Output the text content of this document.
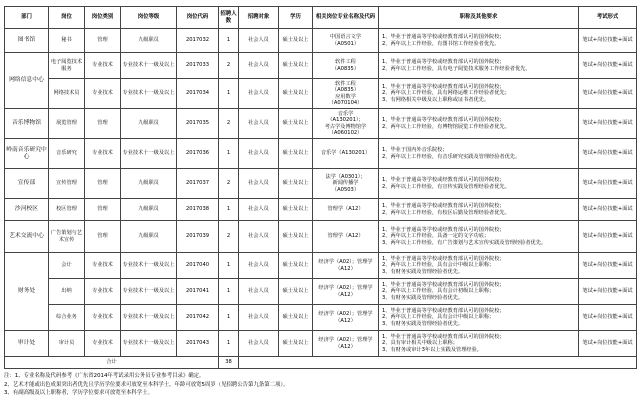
部门	岗位	岗位类别	岗位等级	岗位代码	招聘人数	招聘对象	学历	相关岗位专业名称及代码	职称及其他要求	考试形式
图书馆	秘书	管理	九级职员	2017032	1	社会人员	硕士及以上	中国语言文学
（A0501）	1、毕业于普通高等学校或经教育部认可的国外院校；
2、两年以上工作经验，有图书馆工作经验者优先。	笔试+岗位技能+面试
网络信息中心	电子阅览技术服务	专业技术	专业技术十一级及以上	2017033	2	社会人员	硕士及以上	软件工程
（A0835）	1、毕业于普通高等学校或经教育部认可的国外院校；
2、两年以上工作经验，具有电子阅览技术服务工作经验者优先。	笔试+岗位技能+面试
	网络技术员	专业技术	专业技术十一级及以上	2017034	1	社会人员	硕士及以上	软件工程
（A0835）
应用数学
（A070104）	1、毕业于普通高等学校或经教育部认可的国外院校；
2、两年以上工作经验，具有网络运维工作经验者优先；
3、有网络相关中级及以上职称或证书者优先。	笔试+岗位技能+面试
音乐博物馆	展览管理	管理	九级职员	2017035	2	社会人员	硕士及以上	音乐学
（A130201）；
考古学及博物馆学
（A060102）	1、毕业于普通高等学校或经教育部认可的国外院校；
2、两年以上工作经验，有博物馆展览工作经验者优先。	笔试+岗位技能+面试
岭南音乐研究中心	音乐研究	专业技术	专业技术十一级及以上	2017036	1	社会人员	硕士及以上	音乐学（A130201）	1、毕业于国内外音乐院校；
2、两年以上工作经验，有音乐研究实践及管理经验者优先。	笔试+岗位技能+面试
宣传部	宣传管理	管理	九级职员	2017037	2	社会人员	硕士及以上	法学（A0301）；
新闻传播学
（A0503）	1、毕业于普通高等学校或经教育部认可的国外院校；
2、两年以上工作经验，有宣传实践及管理经验者优先。	笔试+岗位技能+面试
沙河校区	校区管理	管理	九级职员	2017038	1	社会人员	硕士及以上	管理学（A12）	1、毕业于普通高等学校或经教育部认可的国外院校；
2、两年以上工作经验，有校区后勤及管理经验者优先。	笔试+岗位技能+面试
艺术交流中心	广告策划与艺术宣传	管理	九级职员	2017039	2	社会人员	硕士及以上	管理学（A12）	1、毕业于普通高等学校或经教育部认可的国外院校；
2、两年以上工作经验，具备一定的文字功底；
3、两年以上工作经验，有广告策划与艺术宣传实践及管理经验者优先。	笔试+岗位技能+面试
财务处	会计	专业技术	专业技术十一级及以上	2017040	1	社会人员	硕士及以上	经济学（A02）；管理学
（A12）	1、毕业于普通高等学校或经教育部认可的国外院校；
2、两年以上工作经验，具有会计中级以上职称；
3、有财务实践及管理经验者优先。	笔试+岗位技能+面试
	出纳	专业技术	专业技术十一级及以上	2017041	1	社会人员	硕士及以上	经济学（A02）；管理学
（A12）	1、毕业于普通高等学校或经教育部认可的国外院校；
2、两年以上工作经验，具有会计初级以上职称；
3、有财务实践及管理经验者优先。	笔试+岗位技能+面试
	综合业务	专业技术	专业技术十一级及以上	2017042	1	社会人员	硕士及以上	经济学（A02）；管理学
（A12）	1、毕业于普通高等学校或经教育部认可的国外院校；
2、两年以上工作经验，具有会计中级以上职称；
3、有财务实践及管理经验者优先。	笔试+岗位技能+面试
审计处	审计员	专业技术	专业技术十一级及以上	2017043	1	社会人员	硕士及以上	经济学（A02）；管理学
（A12）	1、毕业于普通高等学校或经教育部认可的国外院校；
2、具有审计相关中级以上职称；
3、有财务或审计3年以上实践及管理经验。	笔试+岗位技能+面试
合计					38					
注：1、专业名称及代码参考《广东省2014年考试录用公务员专业参考目录》确定。
2、艺术才能或出色成果突出者优先且学历学位要求可放宽至本科学士，年龄可放宽5周岁（见招聘公告第九条第二项）。
3、有副高级及以上职称者，学历学位要求可放宽至本科学士。
